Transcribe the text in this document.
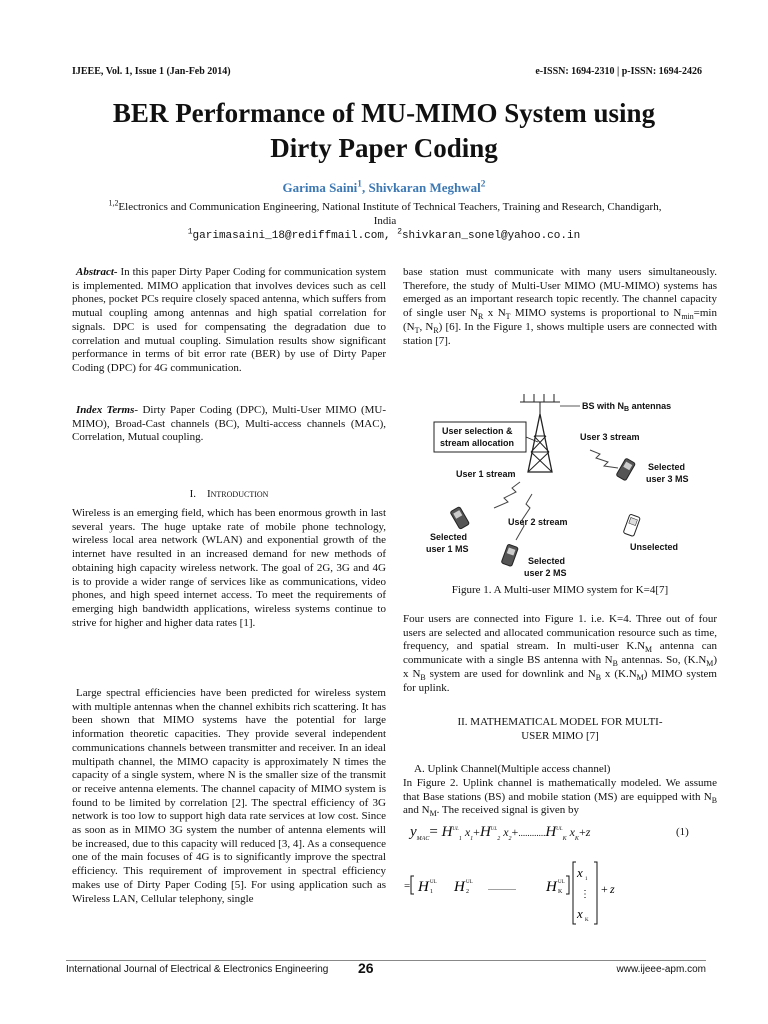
IJEEE, Vol. 1, Issue 1 (Jan-Feb 2014)	e-ISSN: 1694-2310 | p-ISSN: 1694-2426
BER Performance of MU-MIMO System using
Dirty Paper Coding
Garima Saini$^1$, Shivkaran Meghwal$^2$
$^{1,2}$Electronics and Communication Engineering, National Institute of Technical Teachers, Training and Research, Chandigarh, India
$^1$garimasaini_18@rediffmail.com, $^2$shivkaran_sonel@yahoo.co.in

Abstract- In this paper Dirty Paper Coding for communication system is implemented. MIMO application that involves devices such as cell phones, pocket PCs require closely spaced antenna, which suffers from mutual coupling among antennas and high spatial correlation for signals. DPC is used for compensating the degradation due to correlation and mutual coupling. Simulation results show significant performance in terms of bit error rate (BER) by use of Dirty Paper Coding (DPC) for 4G communication.

Index Terms- Dirty Paper Coding (DPC), Multi-User MIMO (MU-MIMO), Broad-Cast channels (BC), Multi-access channels (MAC), Correlation, Mutual coupling.

I. Introduction

Wireless is an emerging field, which has been enormous growth in last several years. The huge uptake rate of mobile phone technology, wireless local area network (WLAN) and exponential growth of the internet have resulted in an increased demand for new methods of obtaining high capacity wireless network. The goal of 2G, 3G and 4G is to provide a wider range of services like as communications, video phones, and high speed internet access. To meet the requirements of emerging high bandwidth applications, wireless systems continue to strive for higher and higher data rates [1].

Large spectral efficiencies have been predicted for wireless system with multiple antennas when the channel exhibits rich scattering. It has been shown that MIMO systems have the potential for large information theoretic capacities. They provide several independent communications channels between transmitter and receiver. In an ideal multipath channel, the MIMO capacity is approximately N times the capacity of a single system, where N is the smaller size of the transmit or receive antenna elements. The channel capacity of MIMO system is found to be limited by correlation [2]. The spectral efficiency of 3G network is too low to support high data rate services at low cost. Since as soon as in MIMO 3G system the number of antenna elements will be increased, due to this capacity will reduced [3, 4]. As a consequence one of the main focuses of 4G is to significantly improve the spectral efficiency. This requirement of improvement in spectral efficiency makes use of Dirty Paper Coding [5]. For using application such as Wireless LAN, Cellular telephony, single

base station must communicate with many users simultaneously. Therefore, the study of Multi-User MIMO (MU-MIMO) systems has emerged as an important research topic recently. The channel capacity of single user $N_R$ x $N_T$ MIMO systems is proportional to $N_{min}=\min$ ($N_T$, $N_R$) [6]. In the Figure 1, shows multiple users are connected with station [7].

BS with $N_B$ antennas
User selection &
stream allocation
User 3 stream
User 1 stream
User 2 stream
Selected
user 3 MS
Selected
user 1 MS
Selected
user 2 MS
Unselected
Figure 1. A Multi-user MIMO system for K=4[7]

Four users are connected into Figure 1. i.e. K=4. Three out of four users are selected and allocated communication resource such as time, frequency, and spatial stream. In multi-user $K.N_M$ antenna can communicate with a single BS antenna with $N_B$ antennas. So, $(K.N_M)$ x $N_B$ system are used for downlink and $N_B$ x $(K.N_M)$ MIMO system for uplink.

II. MATHEMATICAL MODEL FOR MULTI-
USER MIMO [7]
A. Uplink Channel(Multiple access channel)

In Figure 2. Uplink channel is mathematically modeled. We assume that Base stations (BS) and mobile station (MS) are equipped with $N_B$ and $N_M$. The received signal is given by

$y_{MAC}= H^{UL}_1$  $x_1+H^{UL}_2$  $x_2+............H^{UL}_K$  $x_K+z$	(1)
= H UL
1 H UL
2 .............. H UL
K
x 1
⋮
x K
+ z
International Journal of Electrical & Electronics Engineering 26	www.ijeee-apm.com
